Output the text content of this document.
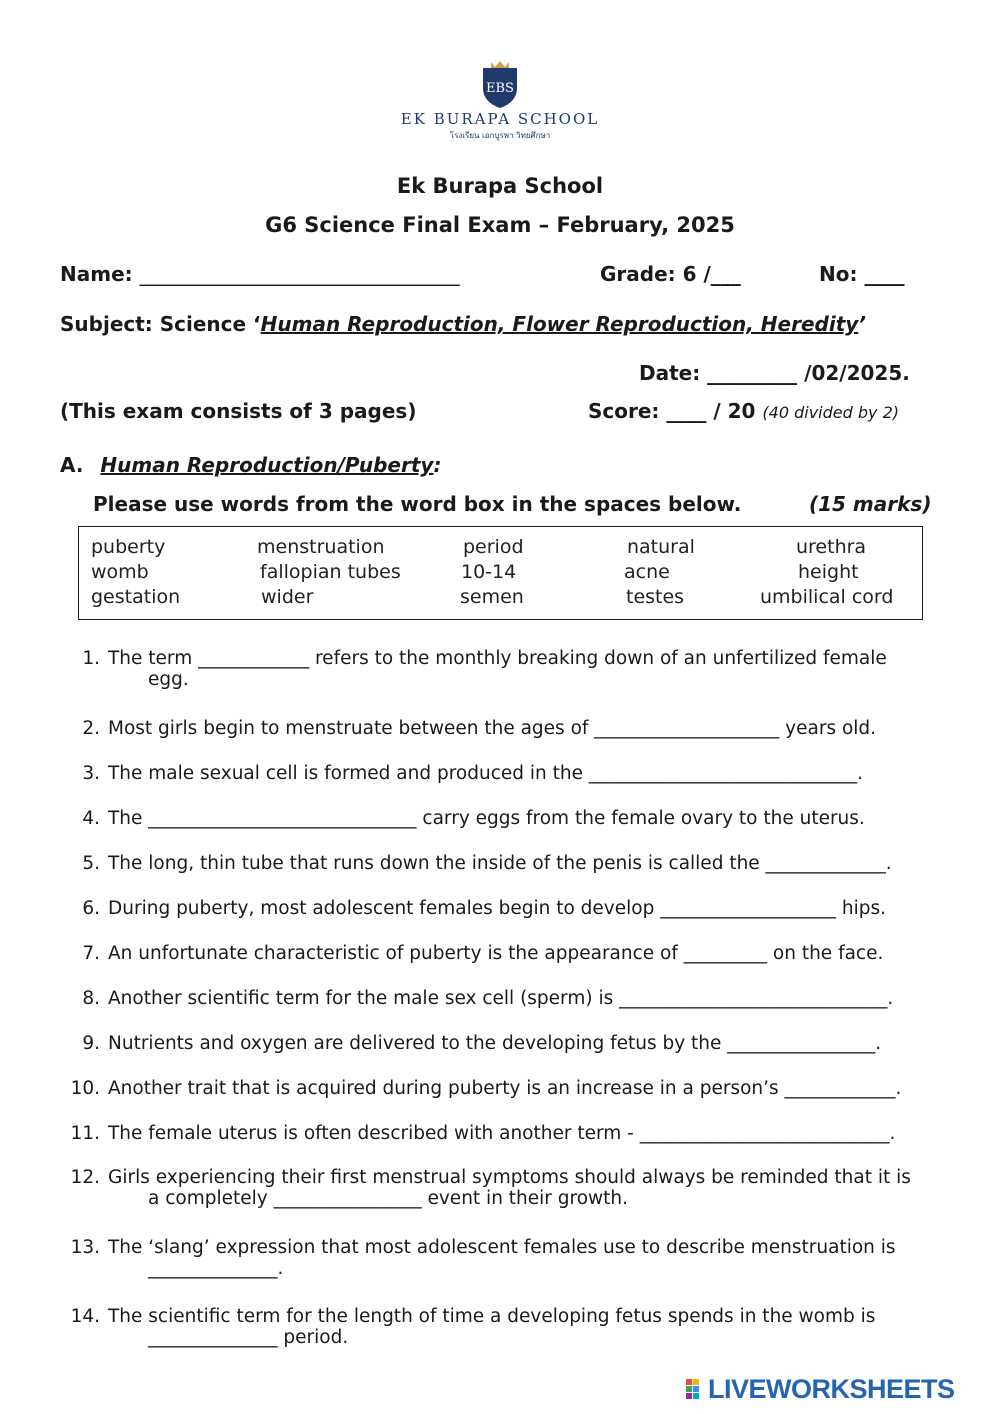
EBS
EK BURAPA SCHOOL
โรงเรียน เอกบูรพา วิทยศึกษา
Ek Burapa School
G6 Science Final Exam – February, 2025
Name: ________________________________	Grade: 6 /___	No: ____
Subject: Science ‘Human Reproduction, Flower Reproduction, Heredity’
Date: _________ /02/2025.
(This exam consists of 3 pages)	Score: ____ / 20 (40 divided by 2)
A. Human Reproduction/Puberty:
Please use words from the word box in the spaces below.	(15 marks)
puberty	menstruation	period	natural	urethra
womb	fallopian tubes	10-14	acne	height
gestation	wider	semen	testes	umbilical cord
1. The term ____________ refers to the monthly breaking down of an unfertilized female
egg.
2. Most girls begin to menstruate between the ages of ____________________ years old.
3. The male sexual cell is formed and produced in the _____________________________.
4. The _____________________________ carry eggs from the female ovary to the uterus.
5. The long, thin tube that runs down the inside of the penis is called the _____________.
6. During puberty, most adolescent females begin to develop ___________________ hips.
7. An unfortunate characteristic of puberty is the appearance of _________ on the face.
8. Another scientific term for the male sex cell (sperm) is _____________________________.
9. Nutrients and oxygen are delivered to the developing fetus by the ________________.
10. Another trait that is acquired during puberty is an increase in a person’s ____________.
11. The female uterus is often described with another term - ___________________________.
12. Girls experiencing their first menstrual symptoms should always be reminded that it is
a completely ________________ event in their growth.
13. The ‘slang’ expression that most adolescent females use to describe menstruation is
______________.
14. The scientific term for the length of time a developing fetus spends in the womb is
______________ period.
LIVEWORKSHEETS
